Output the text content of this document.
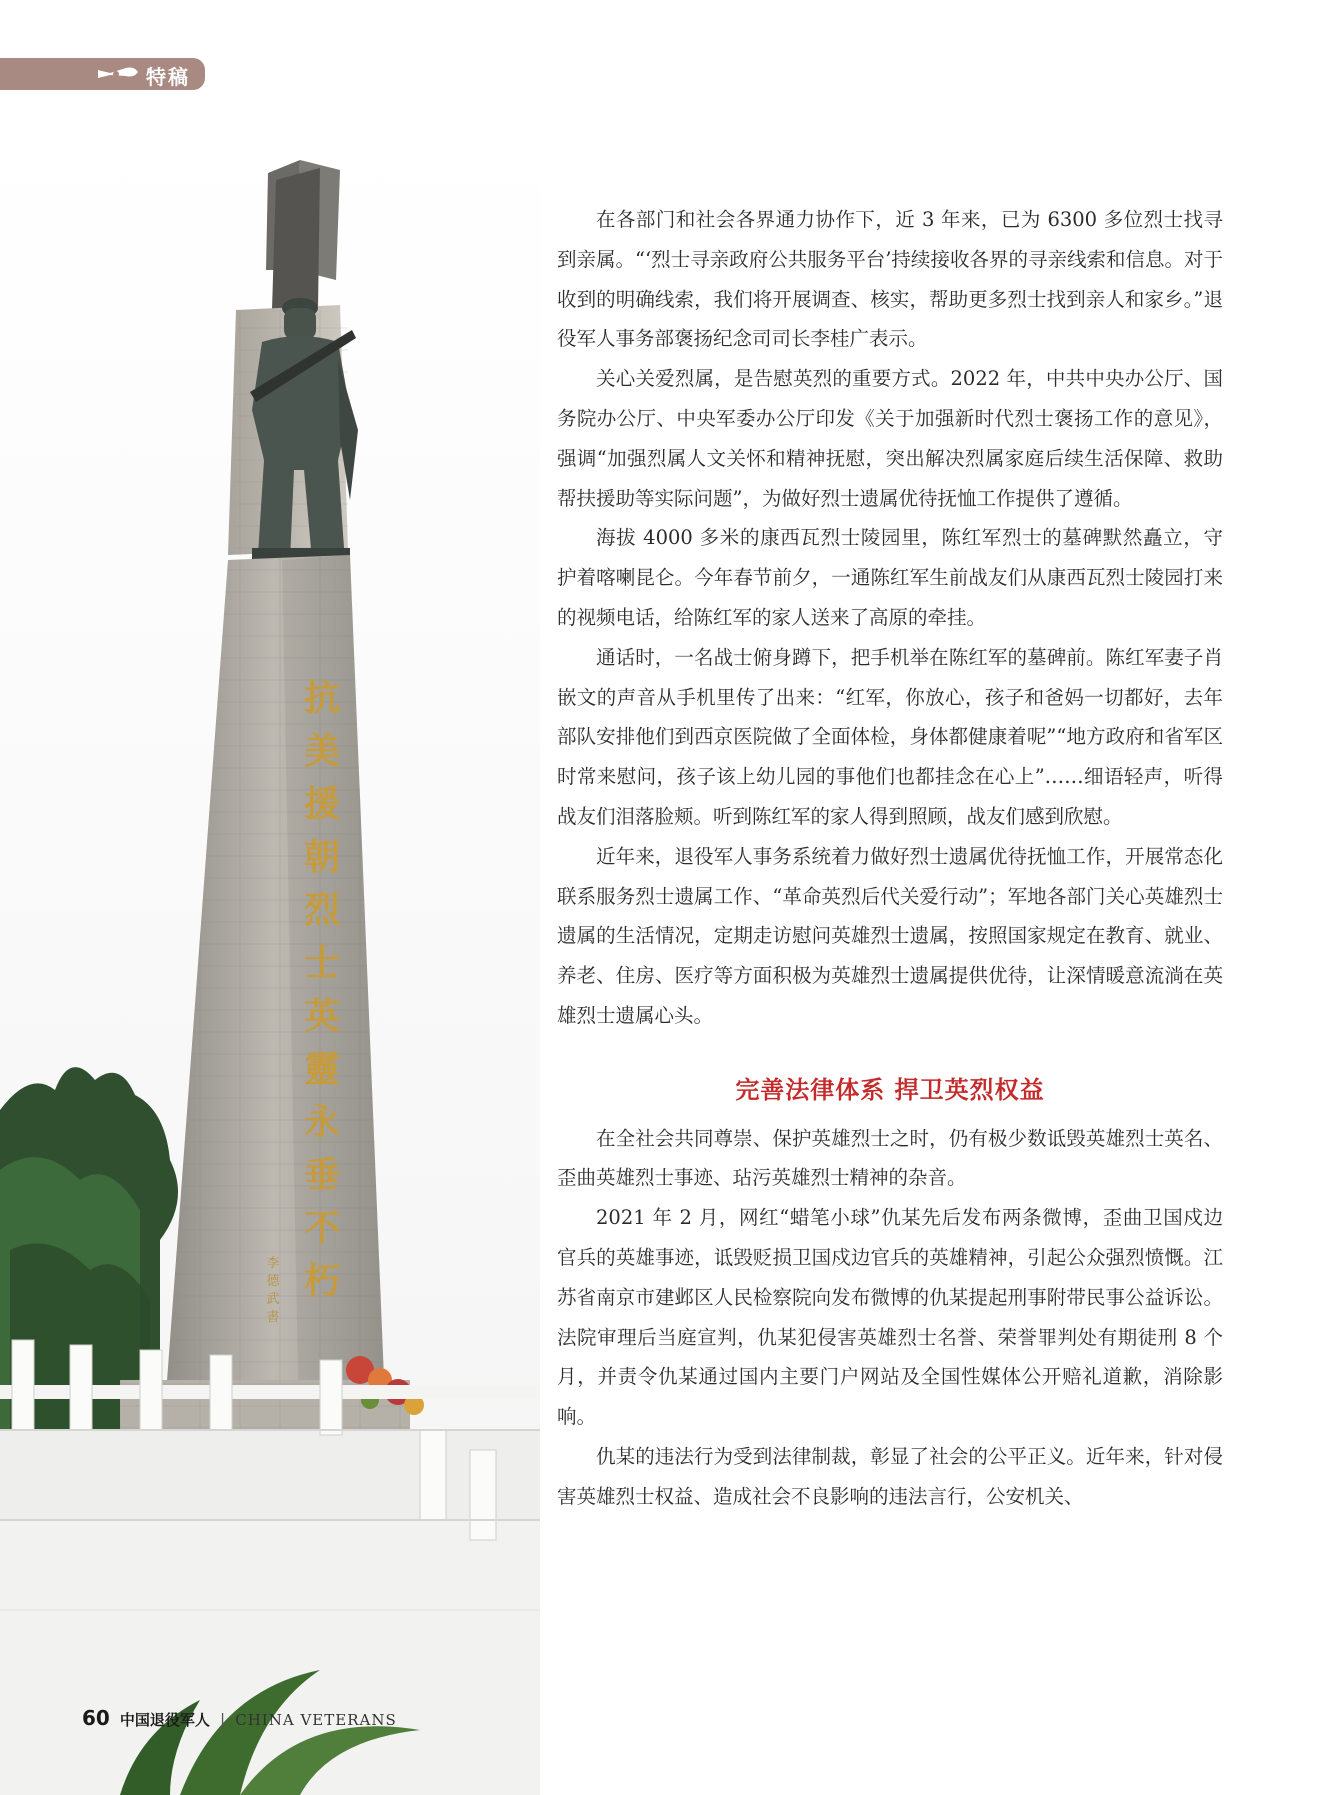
特稿
抗
美
援
朝
烈
士
英
靈
永
垂
不
朽
李
德
武
書

在各部门和社会各界通力协作下，近 3 年来，已为 6300 多位烈士找寻到亲属。“‘烈士寻亲政府公共服务平台’持续接收各界的寻亲线索和信息。对于收到的明确线索，我们将开展调查、核实，帮助更多烈士找到亲人和家乡。”退役军人事务部褒扬纪念司司长李桂广表示。

关心关爱烈属，是告慰英烈的重要方式。2022 年，中共中央办公厅、国务院办公厅、中央军委办公厅印发《关于加强新时代烈士褒扬工作的意见》，强调“加强烈属人文关怀和精神抚慰，突出解决烈属家庭后续生活保障、救助帮扶援助等实际问题”，为做好烈士遗属优待抚恤工作提供了遵循。

海拔 4000 多米的康西瓦烈士陵园里，陈红军烈士的墓碑默然矗立，守护着喀喇昆仑。今年春节前夕，一通陈红军生前战友们从康西瓦烈士陵园打来的视频电话，给陈红军的家人送来了高原的牵挂。

通话时，一名战士俯身蹲下，把手机举在陈红军的墓碑前。陈红军妻子肖嵌文的声音从手机里传了出来：“红军，你放心，孩子和爸妈一切都好，去年部队安排他们到西京医院做了全面体检，身体都健康着呢”“地方政府和省军区时常来慰问，孩子该上幼儿园的事他们也都挂念在心上”……细语轻声，听得战友们泪落脸颊。听到陈红军的家人得到照顾，战友们感到欣慰。

近年来，退役军人事务系统着力做好烈士遗属优待抚恤工作，开展常态化联系服务烈士遗属工作、“革命英烈后代关爱行动”；军地各部门关心英雄烈士遗属的生活情况，定期走访慰问英雄烈士遗属，按照国家规定在教育、就业、养老、住房、医疗等方面积极为英雄烈士遗属提供优待，让深情暖意流淌在英雄烈士遗属心头。

完善法律体系 捍卫英烈权益

在全社会共同尊崇、保护英雄烈士之时，仍有极少数诋毁英雄烈士英名、歪曲英雄烈士事迹、玷污英雄烈士精神的杂音。

2021 年 2 月，网红“蜡笔小球”仇某先后发布两条微博，歪曲卫国戍边官兵的英雄事迹，诋毁贬损卫国戍边官兵的英雄精神，引起公众强烈愤慨。江苏省南京市建邺区人民检察院向发布微博的仇某提起刑事附带民事公益诉讼。法院审理后当庭宣判，仇某犯侵害英雄烈士名誉、荣誉罪判处有期徒刑 8 个月，并责令仇某通过国内主要门户网站及全国性媒体公开赔礼道歉，消除影响。

仇某的违法行为受到法律制裁，彰显了社会的公平正义。近年来，针对侵害英雄烈士权益、造成社会不良影响的违法言行，公安机关、

60 中国退役军人 | CHINA VETERANS
